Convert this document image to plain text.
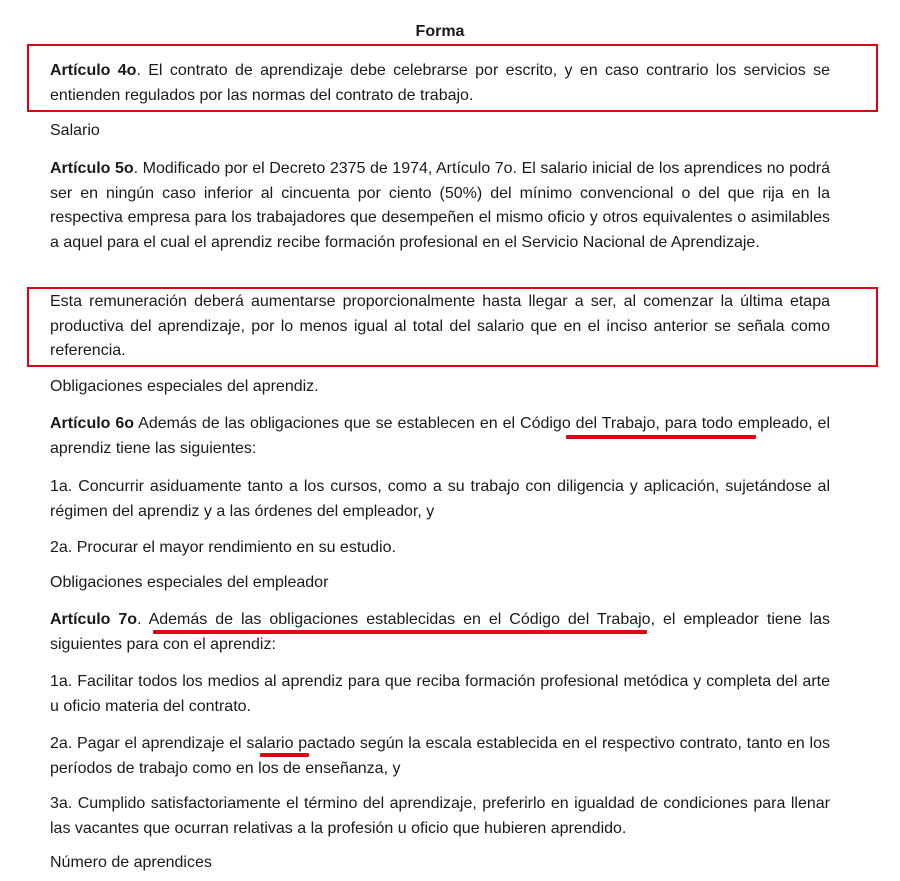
Forma

Artículo 4o. El contrato de aprendizaje debe celebrarse por escrito, y en caso contrario los servicios se entienden regulados por las normas del contrato de trabajo.

Salario

Artículo 5o. Modificado por el Decreto 2375 de 1974, Artículo 7o. El salario inicial de los aprendices no podrá ser en ningún caso inferior al cincuenta por ciento (50%) del mínimo convencional o del que rija en la respectiva empresa para los trabajadores que desempeñen el mismo oficio y otros equivalentes o asimilables a aquel para el cual el aprendiz recibe formación profesional en el Servicio Nacional de Aprendizaje.

Esta remuneración deberá aumentarse proporcionalmente hasta llegar a ser, al comenzar la última etapa productiva del aprendizaje, por lo menos igual al total del salario que en el inciso anterior se señala como referencia.

Obligaciones especiales del aprendiz.

Artículo 6o Además de las obligaciones que se establecen en el Código del Trabajo, para todo empleado, el aprendiz tiene las siguientes:

1a. Concurrir asiduamente tanto a los cursos, como a su trabajo con diligencia y aplicación, sujetándose al régimen del aprendiz y a las órdenes del empleador, y

2a. Procurar el mayor rendimiento en su estudio.

Obligaciones especiales del empleador

Artículo 7o. Además de las obligaciones establecidas en el Código del Trabajo, el empleador tiene las siguientes para con el aprendiz:

1a. Facilitar todos los medios al aprendiz para que reciba formación profesional metódica y completa del arte u oficio materia del contrato.

2a. Pagar el aprendizaje el salario pactado según la escala establecida en el respectivo contrato, tanto en los períodos de trabajo como en los de enseñanza, y

3a. Cumplido satisfactoriamente el término del aprendizaje, preferirlo en igualdad de condiciones para llenar las vacantes que ocurran relativas a la profesión u oficio que hubieren aprendido.

Número de aprendices
